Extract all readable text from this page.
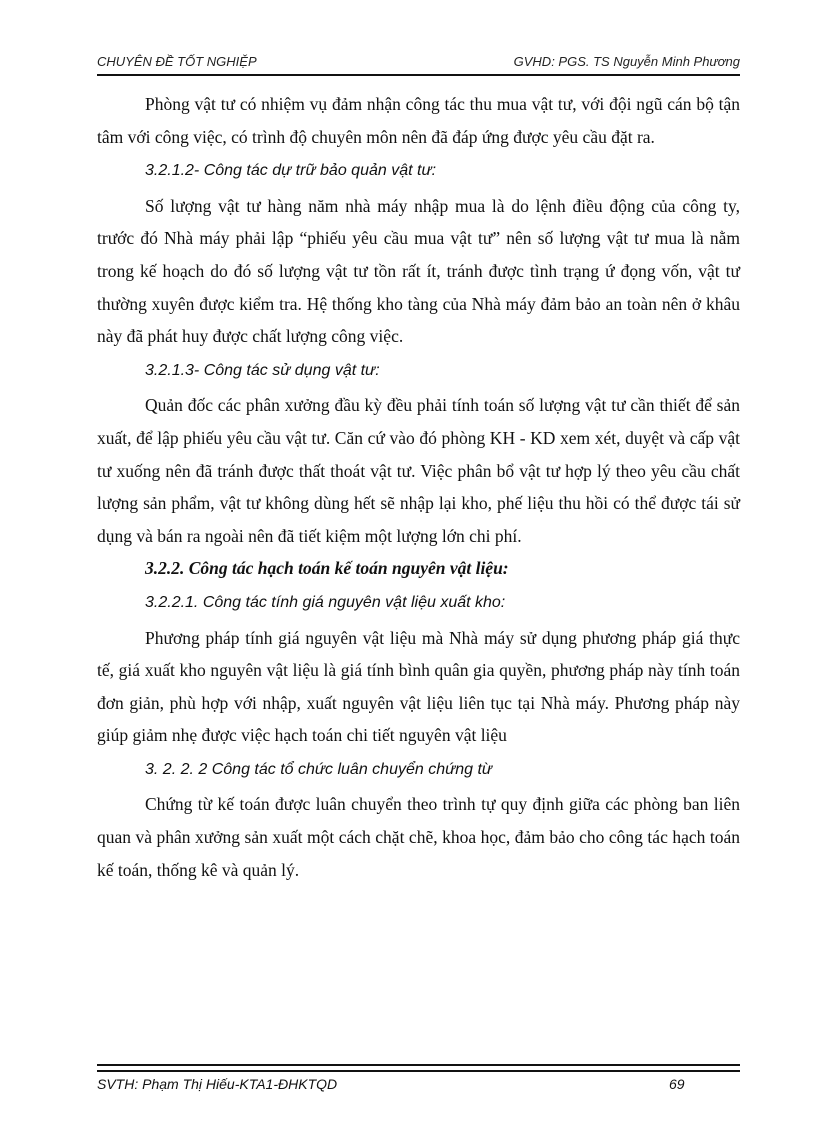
CHUYÊN ĐỀ TỐT NGHIỆP	GVHD: PGS. TS Nguyễn Minh Phương

Phòng vật tư có nhiệm vụ đảm nhận công tác thu mua vật tư, với đội ngũ cán bộ tận tâm với công việc, có trình độ chuyên môn nên đã đáp ứng được yêu cầu đặt ra.

3.2.1.2- Công tác dự trữ bảo quản vật tư:

Số lượng vật tư hàng năm nhà máy nhập mua là do lệnh điều động của công ty, trước đó Nhà máy phải lập “phiếu yêu cầu mua vật tư” nên số lượng vật tư mua là nằm trong kế hoạch do đó số lượng vật tư tồn rất ít, tránh được tình trạng ứ đọng vốn, vật tư thường xuyên được kiểm tra. Hệ thống kho tàng của Nhà máy đảm bảo an toàn nên ở khâu này đã phát huy được chất lượng công việc.

3.2.1.3- Công tác sử dụng vật tư:

Quản đốc các phân xưởng đầu kỳ đều phải tính toán số lượng vật tư cần thiết để sản xuất, để lập phiếu yêu cầu vật tư. Căn cứ vào đó phòng KH - KD xem xét, duyệt và cấp vật tư xuống nên đã tránh được thất thoát vật tư. Việc phân bổ vật tư hợp lý theo yêu cầu chất lượng sản phẩm, vật tư không dùng hết sẽ nhập lại kho, phế liệu thu hồi có thể được tái sử dụng và bán ra ngoài nên đã tiết kiệm một lượng lớn chi phí.

3.2.2. Công tác hạch toán kế toán nguyên vật liệu:
3.2.2.1. Công tác tính giá nguyên vật liệu xuất kho:

Phương pháp tính giá nguyên vật liệu mà Nhà máy sử dụng phương pháp giá thực tế, giá xuất kho nguyên vật liệu là giá tính bình quân gia quyền, phương pháp này tính toán đơn giản, phù hợp với nhập, xuất nguyên vật liệu liên tục tại Nhà máy. Phương pháp này giúp giảm nhẹ được việc hạch toán chi tiết nguyên vật liệu

3. 2. 2. 2 Công tác tổ chức luân chuyển chứng từ

Chứng từ kế toán được luân chuyển theo trình tự quy định giữa các phòng ban liên quan và phân xưởng sản xuất một cách chặt chẽ, khoa học, đảm bảo cho công tác hạch toán kế toán, thống kê và quản lý.

SVTH: Phạm Thị Hiếu-KTA1-ĐHKTQD	69
